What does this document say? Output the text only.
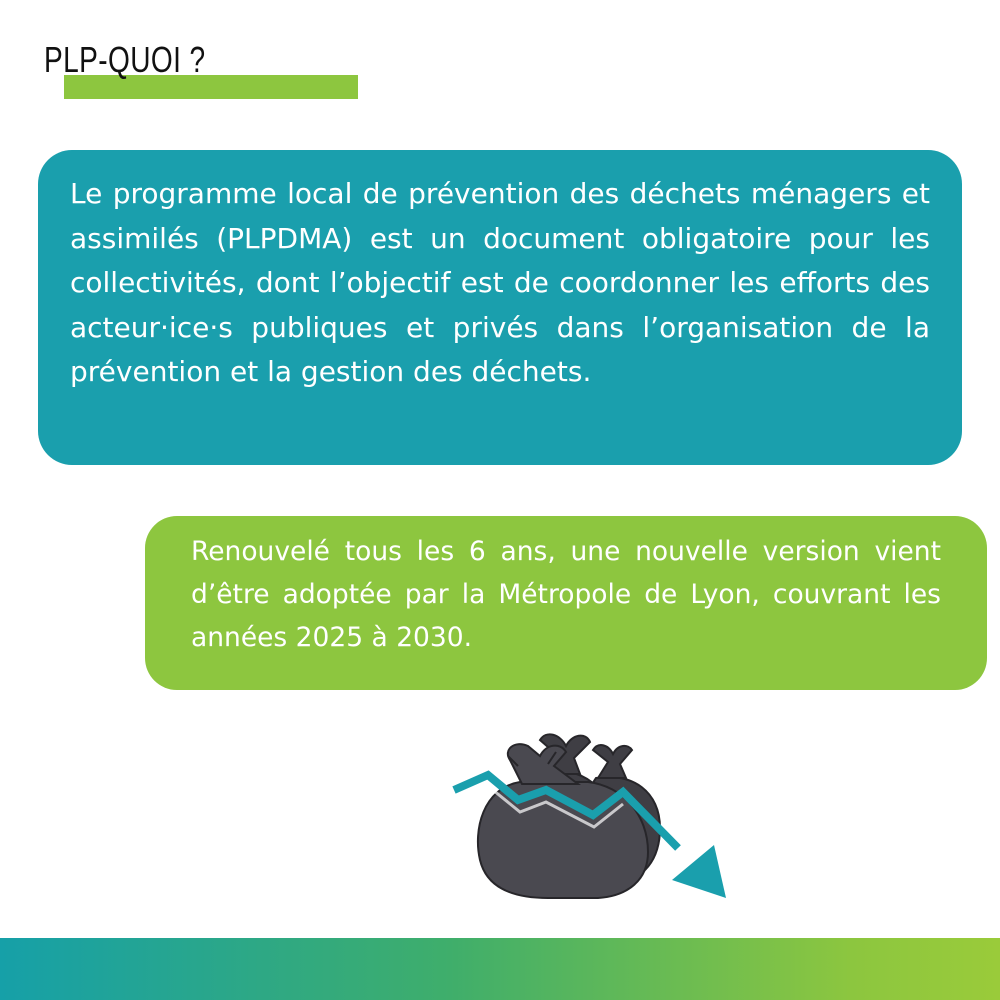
PLP-QUOI ?
Le programme local de prévention des déchets ménagers et assimilés (PLPDMA) est un document obligatoire pour les collectivités, dont l’objectif est de coordonner les efforts des acteur·ice·s publiques et privés dans l’organisation de la prévention et la gestion des déchets.
Renouvelé tous les 6 ans, une nouvelle version vient d’être adoptée par la Métropole de Lyon, couvrant les années 2025 à 2030.
